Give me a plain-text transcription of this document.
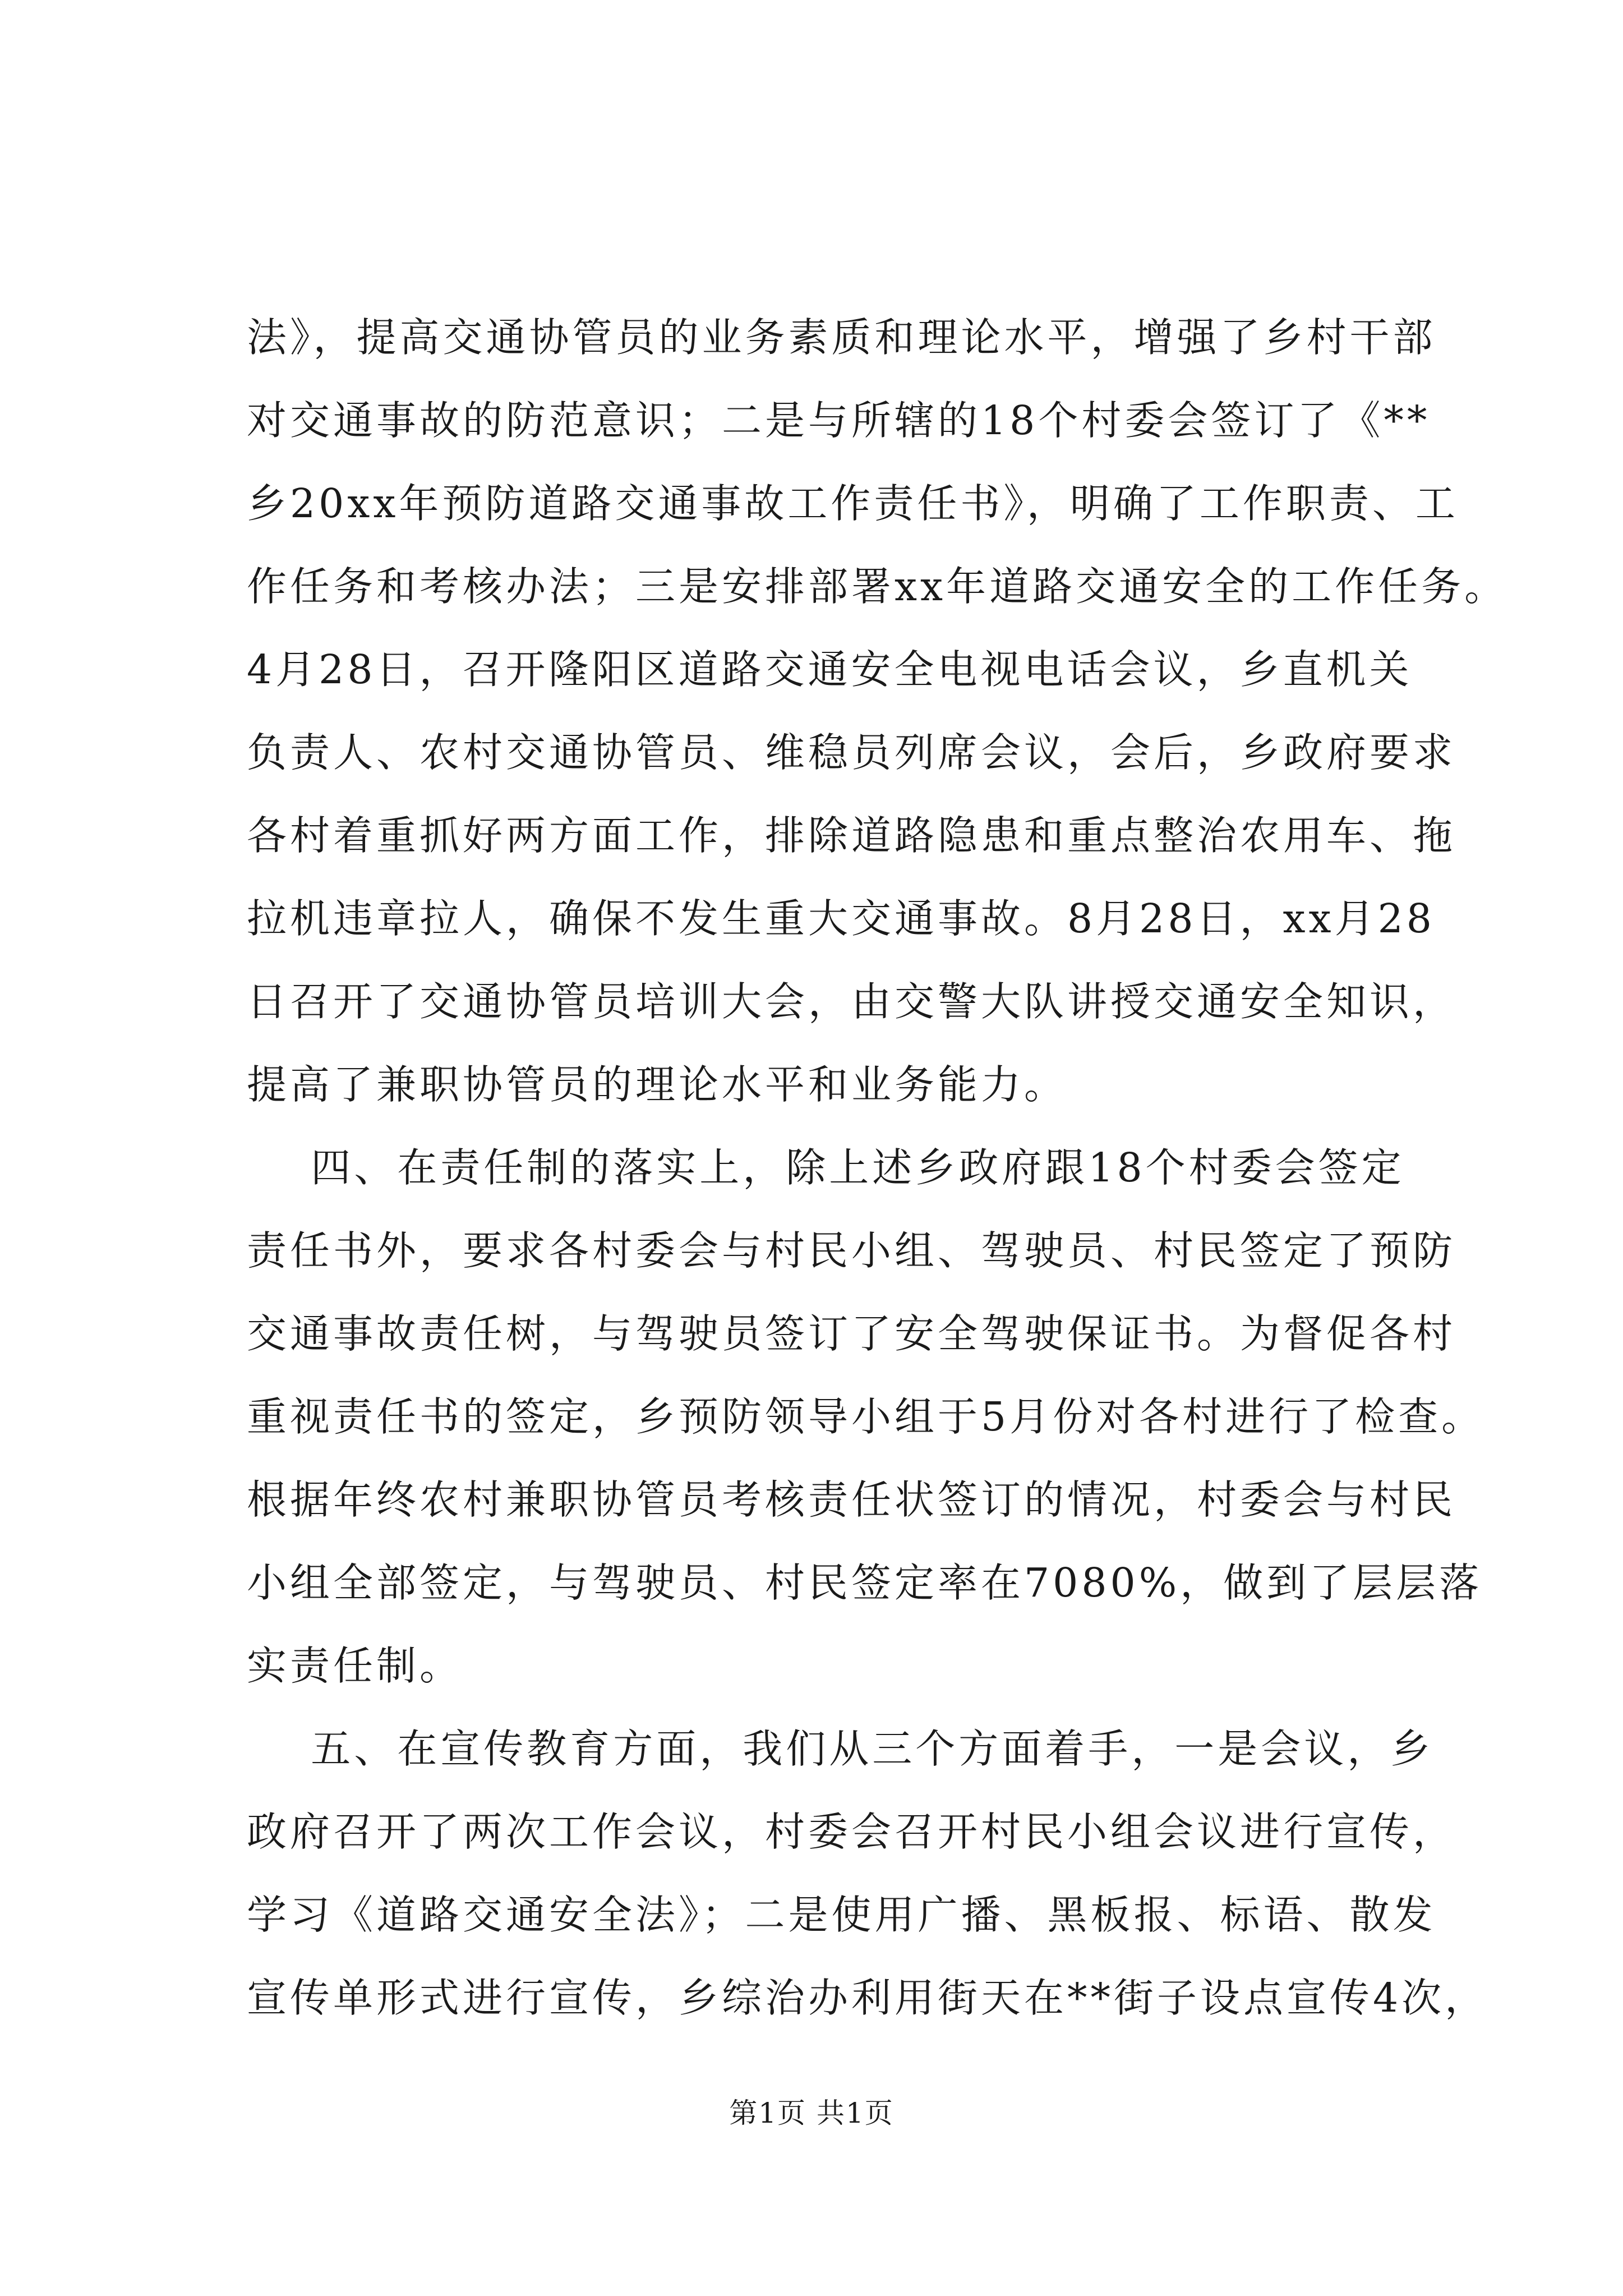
法》，提高交通协管员的业务素质和理论水平，增强了乡村干部
对交通事故的防范意识；二是与所辖的18个村委会签订了《**
乡20xx年预防道路交通事故工作责任书》，明确了工作职责、工
作任务和考核办法；三是安排部署xx年道路交通安全的工作任务。
4月28日，召开隆阳区道路交通安全电视电话会议，乡直机关
负责人、农村交通协管员、维稳员列席会议，会后，乡政府要求
各村着重抓好两方面工作，排除道路隐患和重点整治农用车、拖
拉机违章拉人，确保不发生重大交通事故。8月28日，xx月28
日召开了交通协管员培训大会，由交警大队讲授交通安全知识，
提高了兼职协管员的理论水平和业务能力。
四、在责任制的落实上，除上述乡政府跟18个村委会签定
责任书外，要求各村委会与村民小组、驾驶员、村民签定了预防
交通事故责任树，与驾驶员签订了安全驾驶保证书。为督促各村
重视责任书的签定，乡预防领导小组于5月份对各村进行了检查。
根据年终农村兼职协管员考核责任状签订的情况，村委会与村民
小组全部签定，与驾驶员、村民签定率在7080%，做到了层层落
实责任制。
五、在宣传教育方面，我们从三个方面着手，一是会议，乡
政府召开了两次工作会议，村委会召开村民小组会议进行宣传，
学习《道路交通安全法》；二是使用广播、黑板报、标语、散发
宣传单形式进行宣传，乡综治办利用街天在**街子设点宣传4次，
第1页 共1页
